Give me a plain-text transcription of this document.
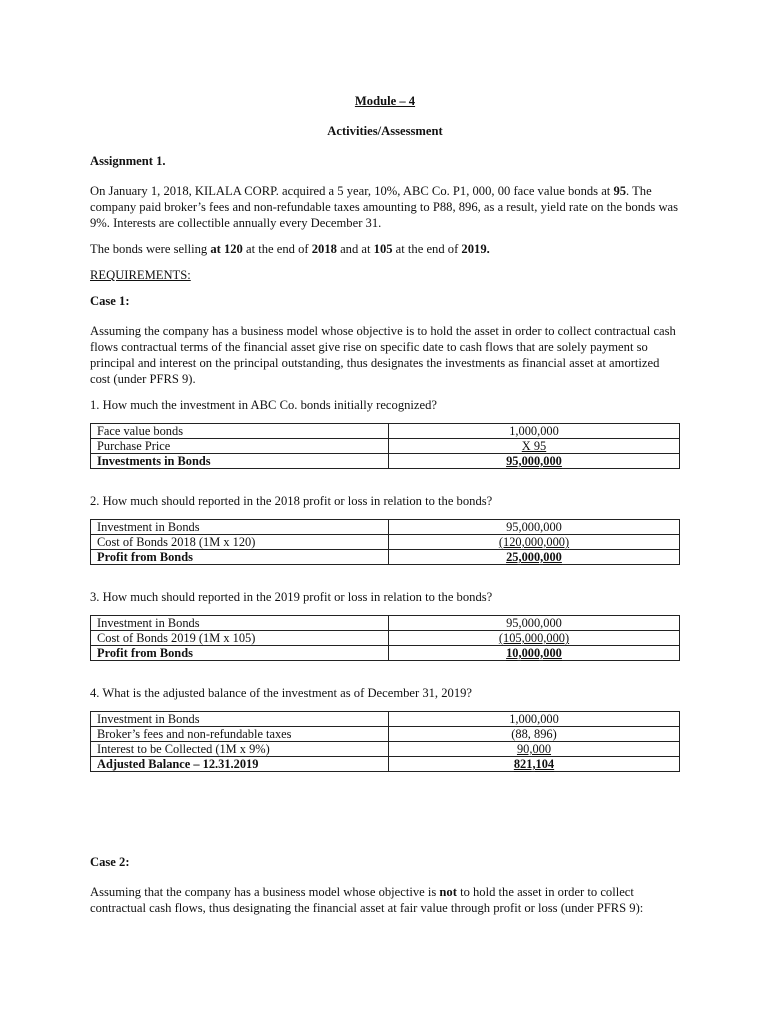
Module – 4
Activities/Assessment
Assignment 1.

On January 1, 2018, KILALA CORP. acquired a 5 year, 10%, ABC Co. P1, 000, 00 face value bonds at 95. The company paid broker’s fees and non-refundable taxes amounting to P88, 896, as a result, yield rate on the bonds was 9%. Interests are collectible annually every December 31.

The bonds were selling at 120 at the end of 2018 and at 105 at the end of 2019.

REQUIREMENTS:
Case 1:

Assuming the company has a business model whose objective is to hold the asset in order to collect contractual cash flows contractual terms of the financial asset give rise on specific date to cash flows that are solely payment so principal and interest on the principal outstanding, thus designates the investments as financial asset at amortized cost (under PFRS 9).

1. How much the investment in ABC Co. bonds initially recognized?
Face value bonds	1,000,000
Purchase Price	X 95
Investments in Bonds	95,000,000
2. How much should reported in the 2018 profit or loss in relation to the bonds?
Investment in Bonds	95,000,000
Cost of Bonds 2018 (1M x 120)	(120,000,000)
Profit from Bonds	25,000,000
3. How much should reported in the 2019 profit or loss in relation to the bonds?
Investment in Bonds	95,000,000
Cost of Bonds 2019 (1M x 105)	(105,000,000)
Profit from Bonds	10,000,000
4. What is the adjusted balance of the investment as of December 31, 2019?
Investment in Bonds	1,000,000
Broker’s fees and non-refundable taxes	(88, 896)
Interest to be Collected (1M x 9%)	90,000
Adjusted Balance – 12.31.2019	821,104
Case 2:

Assuming that the company has a business model whose objective is not to hold the asset in order to collect contractual cash flows, thus designating the financial asset at fair value through profit or loss (under PFRS 9):
